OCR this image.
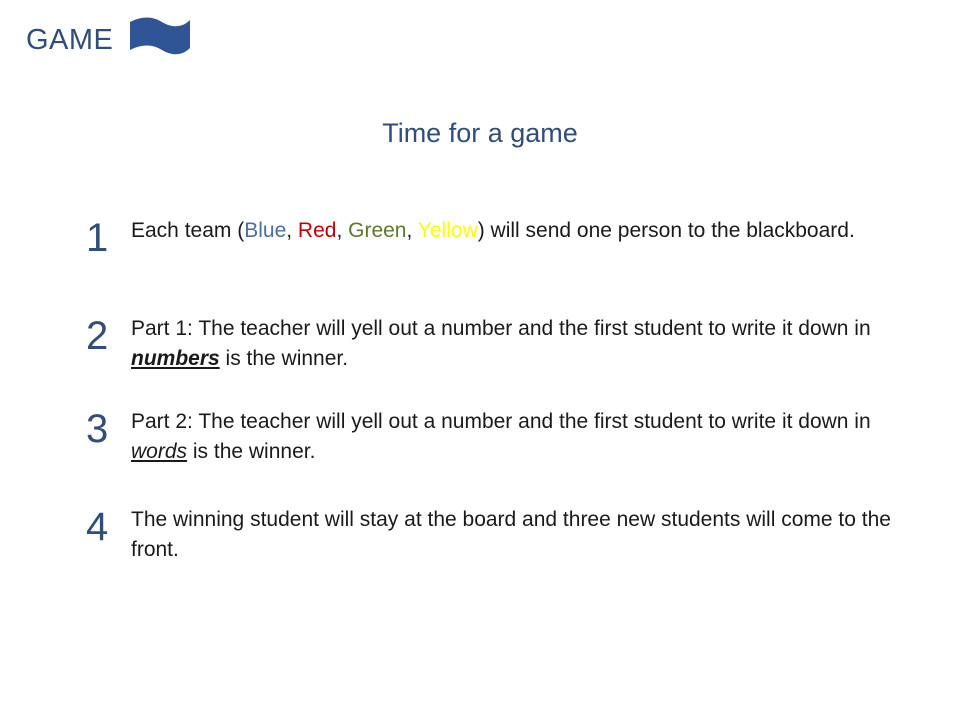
GAME
Time for a game
1	Each team (Blue, Red, Green, Yellow) will send one person to the blackboard.
2	Part 1: The teacher will yell out a number and the first student to write it down in numbers is the winner.
3	Part 2: The teacher will yell out a number and the first student to write it down in words is the winner.
4	The winning student will stay at the board and three new students will come to the front.
